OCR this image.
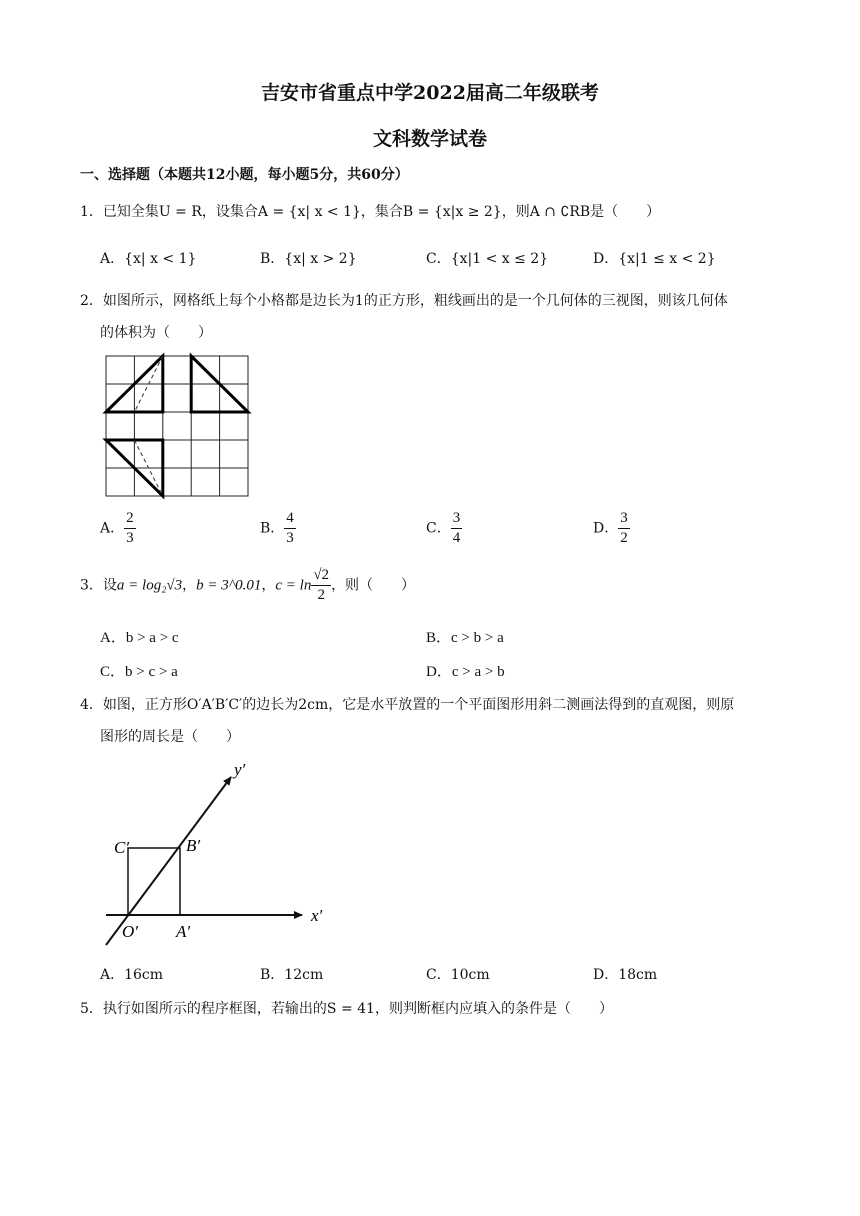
吉安市省重点中学2022届高二年级联考
文科数学试卷
一、选择题（本题共12小题，每小题5分，共60分）
1．已知全集U = R，设集合A = {x| x < 1}，集合B = {x|x ≥ 2}，则A ∩ ∁RB是（　　）
A．{x| x < 1}	B．{x| x > 2}	C．{x|1 < x ≤ 2}	D．{x|1 ≤ x < 2}
2．如图所示，网格纸上每个小格都是边长为1的正方形，粗线画出的是一个几何体的三视图，则该几何体
的体积为（　　）
A． $\frac{2}{3}$	B． $\frac{4}{3}$	C． $\frac{3}{4}$	D． $\frac{3}{2}$
3．设a = log₂√3，b = 3^0.01，$c = \ln \frac{√2}{2}$ ，则（　　）
A．b > a > c	B．c > b > a
C．b > c > a	D．c > a > b
4．如图，正方形O′A′B′C′的边长为2cm，它是水平放置的一个平面图形用斜二测画法得到的直观图，则原
图形的周长是（　　）
y′
x′
C′	B′
O′ A′
A．16cm	B．12cm	C．10cm	D．18cm
5．执行如图所示的程序框图，若输出的S = 41，则判断框内应填入的条件是（　　）
